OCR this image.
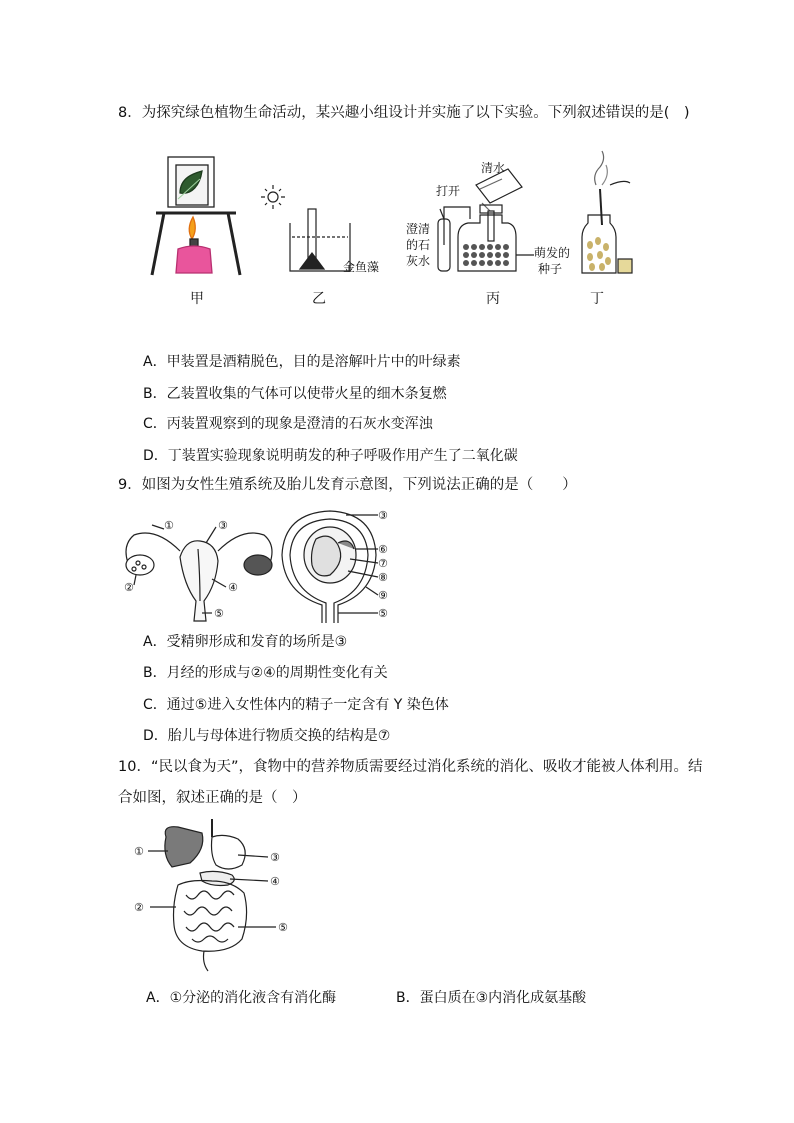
8．为探究绿色植物生命活动，某兴趣小组设计并实施了以下实验。下列叙述错误的是(　)
金鱼藻
清水
打开
澄清
的石
灰水
萌发的
种子
甲	乙	丙	丁
A．甲装置是酒精脱色，目的是溶解叶片中的叶绿素
B．乙装置收集的气体可以使带火星的细木条复燃
C．丙装置观察到的现象是澄清的石灰水变浑浊
D．丁装置实验现象说明萌发的种子呼吸作用产生了二氧化碳
9．如图为女性生殖系统及胎儿发育示意图，下列说法正确的是（　　）
①
②
③
④
⑤
③
⑥
⑦
⑧
⑨
⑤
A．受精卵形成和发育的场所是③
B．月经的形成与②④的周期性变化有关
C．通过⑤进入女性体内的精子一定含有 Y 染色体
D．胎儿与母体进行物质交换的结构是⑦
10．“民以食为天”，食物中的营养物质需要经过消化系统的消化、吸收才能被人体利用。结
合如图，叙述正确的是（　）
①
②
③
④
⑤
A．①分泌的消化液含有消化酶	B．蛋白质在③内消化成氨基酸
